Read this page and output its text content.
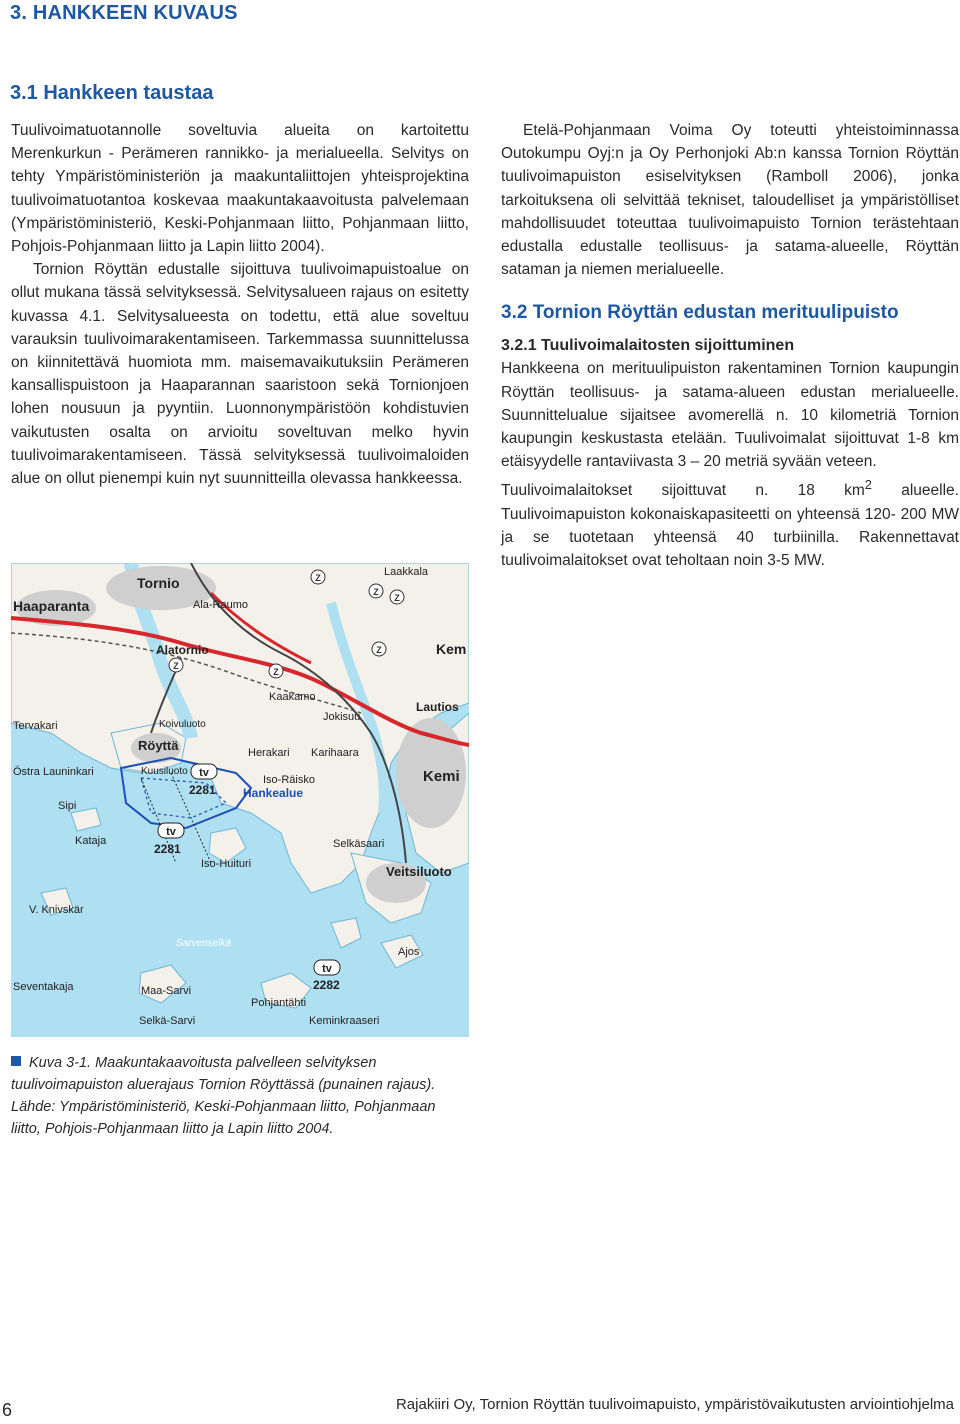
3. HANKKEEN KUVAUS
3.1 Hankkeen taustaa

Tuulivoimatuotannolle soveltuvia alueita on kartoitettu Merenkurkun - Perämeren rannikko- ja merialueella. Selvitys on tehty Ympäristöministeriön ja maakuntaliittojen yhteisprojektina tuulivoimatuotantoa koskevaa maakuntakaavoitusta palvelemaan (Ympäristöministeriö, Keski-Pohjanmaan liitto, Pohjanmaan liitto, Pohjois-Pohjanmaan liitto ja Lapin liitto 2004).

Tornion Röyttän edustalle sijoittuva tuulivoimapuistoalue on ollut mukana tässä selvityksessä. Selvitysalueen rajaus on esitetty kuvassa 4.1. Selvitysalueesta on todettu, että alue soveltuu varauksin tuulivoimarakentamiseen. Tarkemmassa suunnittelussa on kiinnitettävä huomiota mm. maisemavaikutuksiin Perämeren kansallispuistoon ja Haaparannan saaristoon sekä Tornionjoen lohen nousuun ja pyyntiin. Luonnonympäristöön kohdistuvien vaikutusten osalta on arvioitu soveltuvan melko hyvin tuulivoimarakentamiseen. Tässä selvityksessä tuulivoimaloiden alue on ollut pienempi kuin nyt suunnitteilla olevassa hankkeessa.

Etelä-Pohjanmaan Voima Oy toteutti yhteistoiminnassa Outokumpu Oyj:n ja Oy Perhonjoki Ab:n kanssa Tornion Röyttän tuulivoimapuiston esiselvityksen (Ramboll 2006), jonka tarkoituksena oli selvittää tekniset, taloudelliset ja ympäristölliset mahdollisuudet toteuttaa tuulivoimapuisto Tornion terästehtaan edustalla edustalle teollisuus- ja satama-alueelle, Röyttän sataman ja niemen merialueelle.

3.2 Tornion Röyttän edustan merituulipuisto
3.2.1 Tuulivoimalaitosten sijoittuminen

Hankkeena on merituulipuiston rakentaminen Tornion kaupungin Röyttän teollisuus- ja satama-alueen edustan merialueelle. Suunnittelualue sijaitsee avomerellä n. 10 kilometriä Tornion kaupungin keskustasta etelään. Tuulivoimalat sijoittuvat 1-8 km etäisyydelle rantaviivasta 3 – 20 metriä syvään veteen.

Tuulivoimalaitokset sijoittuvat n. 18 $km^2$ alueelle. Tuulivoimapuiston kokonaiskapasiteetti on yhteensä 120- 200 MW ja se tuotetaan yhteensä 40 turbiinilla. Rakennettavat tuulivoimalaitokset ovat teholtaan noin 3-5 MW.

Z
Z
Z
Z
Z
Z
tv
2281
tv
2281
tv
2282
Tornio
Haaparanta	Ala-Raumo
Laakkala
Alatornio	Kem
Kaakamo
Jokisuu
Lautios
Tervakari	Koivuluoto
Röyttä	Herakari Karihaara
Kemi
Östra Launinkari	Kuusiluoto
Iso-Räisko
Hankealue
Sipi
Kataja	Selkäsaari
Iso-Huituri	Veitsiluoto
V. Knivskär
Sarvenselkä
Ajos
Seventakaja	Maa-Sarvi
Pohjantähti
Selkä-Sarvi	Keminkraaseri
Kuva 3-1. Maakuntakaavoitusta palvelleen selvityksen tuulivoimapuiston aluerajaus Tornion Röyttässä (punainen rajaus). Lähde: Ympäristöministeriö, Keski-Pohjanmaan liitto, Pohjanmaan liitto, Pohjois-Pohjanmaan liitto ja Lapin liitto 2004.
6	Rajakiiri Oy, Tornion Röyttän tuulivoimapuisto, ympäristövaikutusten arviointiohjelma
